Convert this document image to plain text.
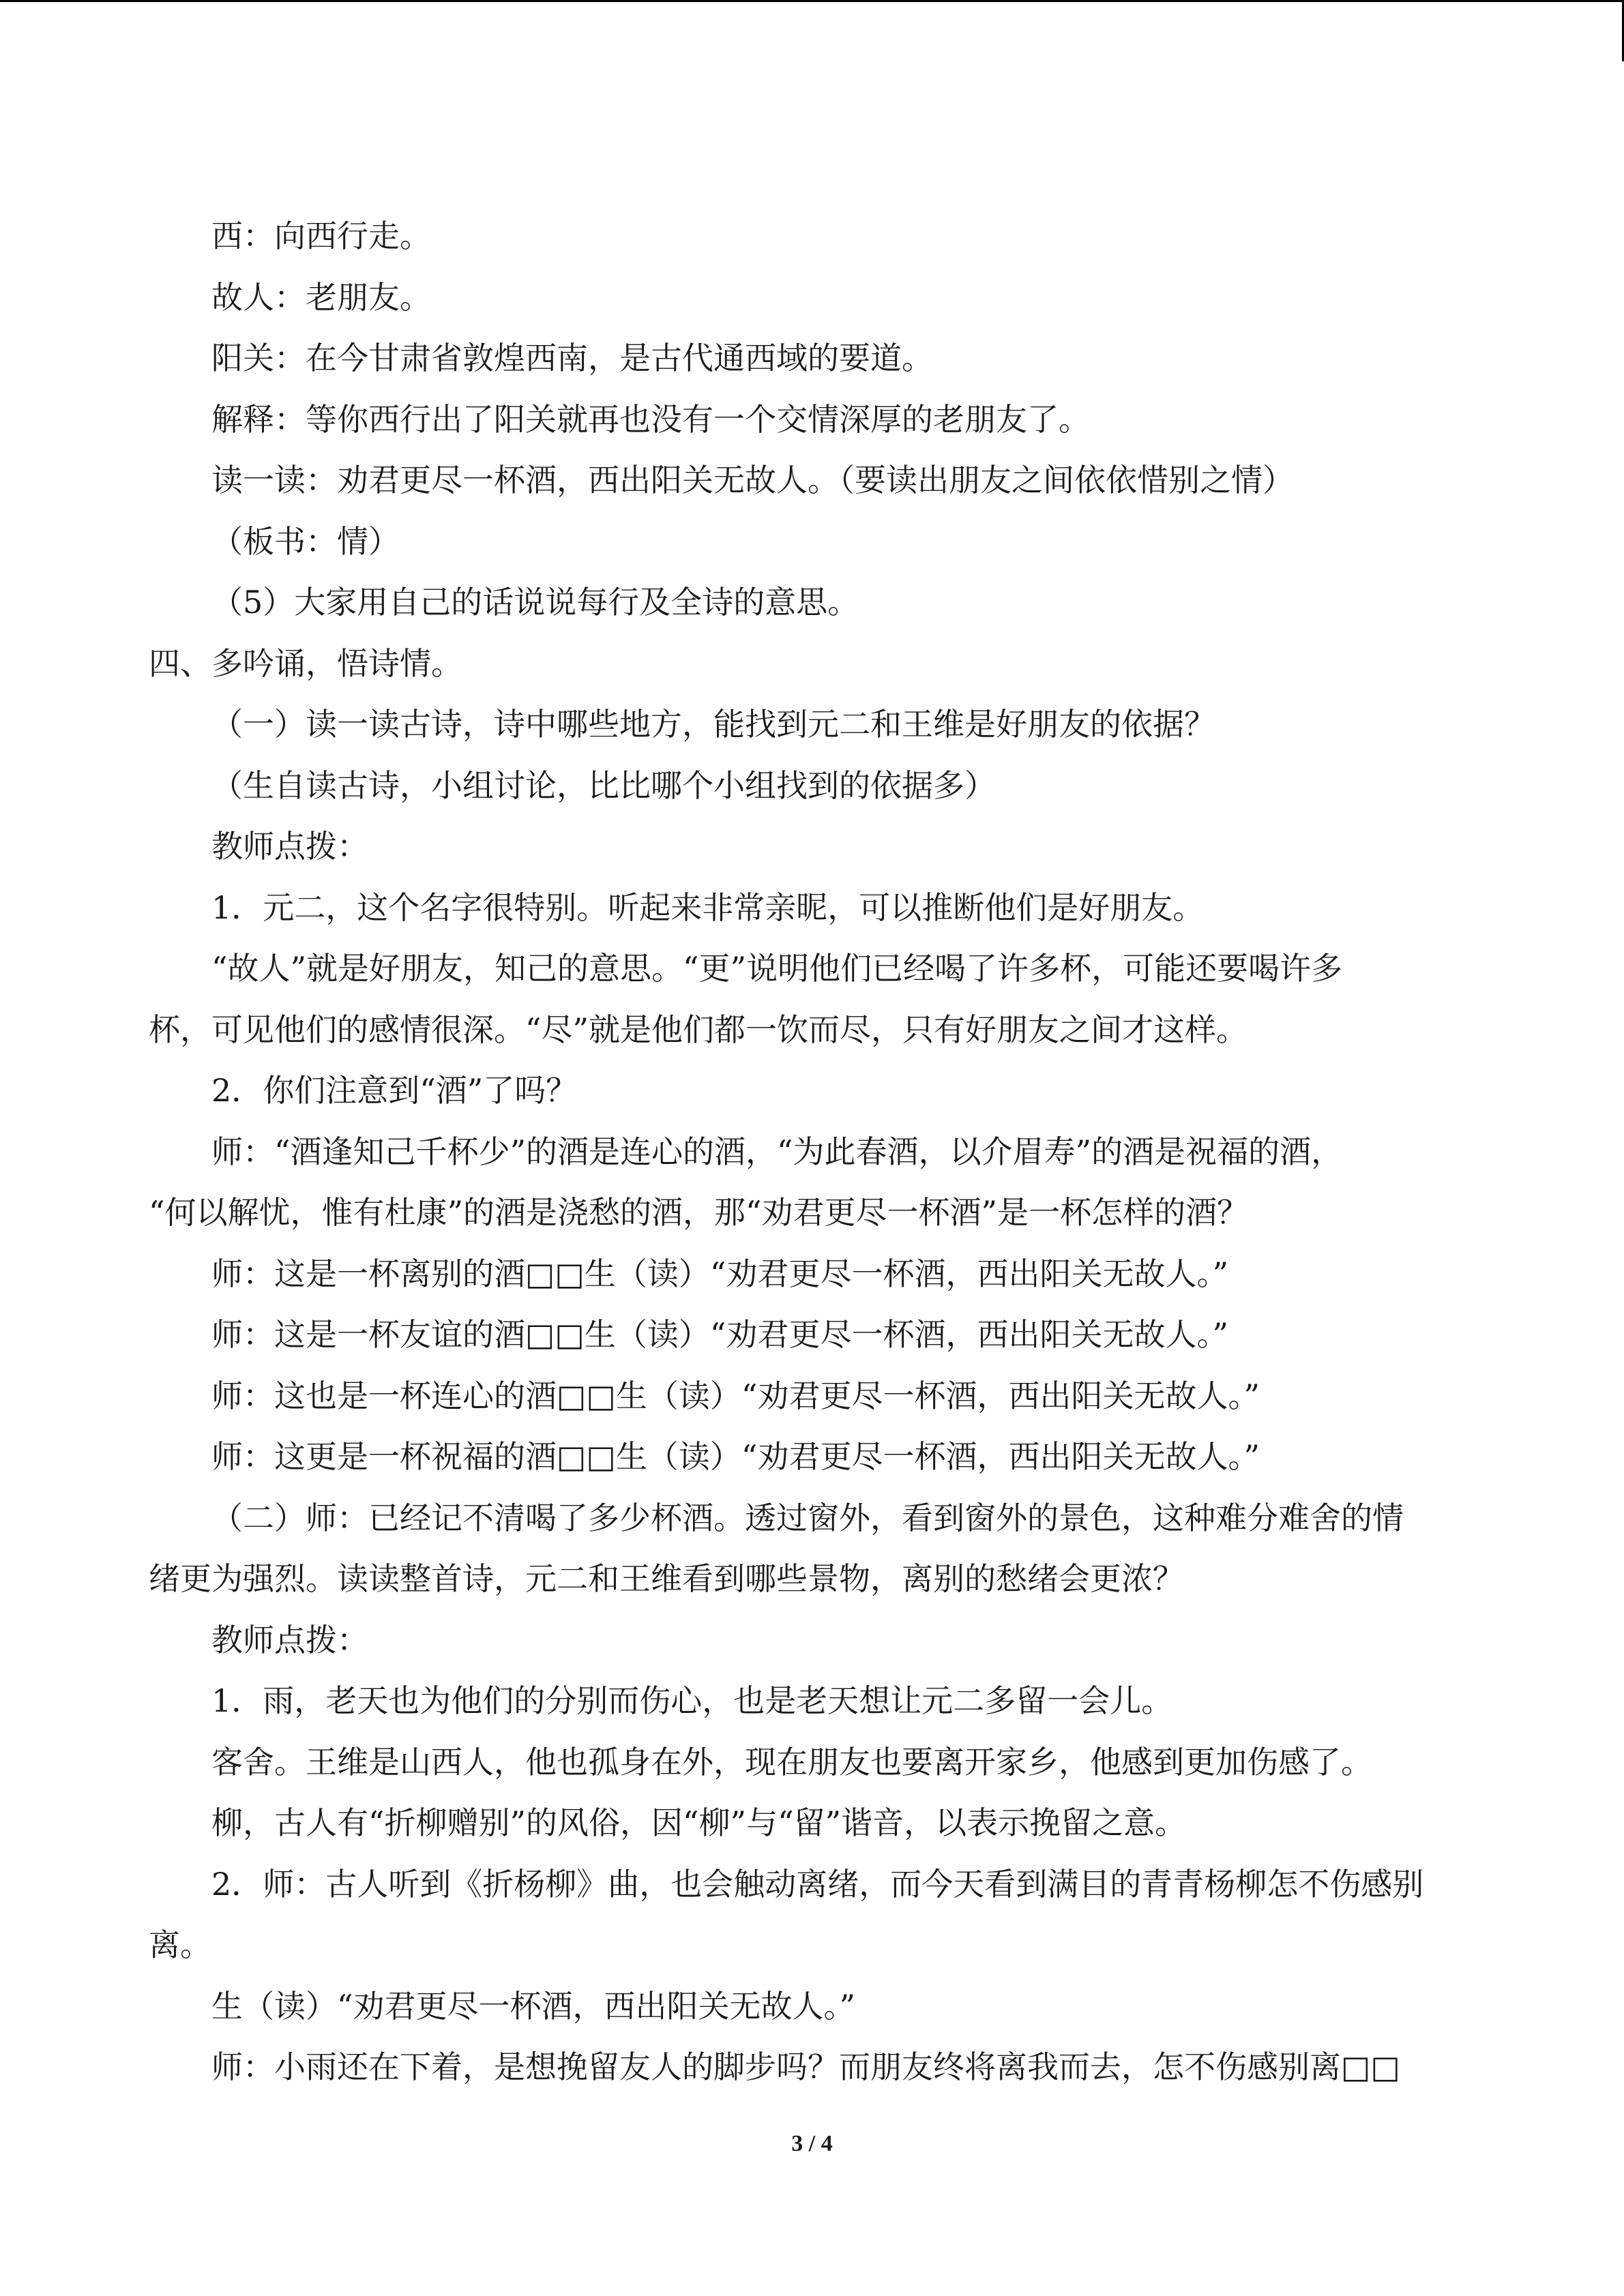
西：向西行走。
故人：老朋友。
阳关：在今甘肃省敦煌西南，是古代通西域的要道。
解释：等你西行出了阳关就再也没有一个交情深厚的老朋友了。
读一读：劝君更尽一杯酒，西出阳关无故人。（要读出朋友之间依依惜别之情）
（板书：情）
（5）大家用自己的话说说每行及全诗的意思。
四、多吟诵，悟诗情。
（一）读一读古诗，诗中哪些地方，能找到元二和王维是好朋友的依据？
（生自读古诗，小组讨论，比比哪个小组找到的依据多）
教师点拨：
1．元二，这个名字很特别。听起来非常亲昵，可以推断他们是好朋友。
“故人”就是好朋友，知己的意思。“更”说明他们已经喝了许多杯，可能还要喝许多
杯，可见他们的感情很深。“尽”就是他们都一饮而尽，只有好朋友之间才这样。
2．你们注意到“酒”了吗？
师：“酒逢知己千杯少”的酒是连心的酒，“为此春酒，以介眉寿”的酒是祝福的酒，
“何以解忧，惟有杜康”的酒是浇愁的酒，那“劝君更尽一杯酒”是一杯怎样的酒？
师：这是一杯离别的酒□□生（读）“劝君更尽一杯酒，西出阳关无故人。”
师：这是一杯友谊的酒□□生（读）“劝君更尽一杯酒，西出阳关无故人。”
师：这也是一杯连心的酒□□生（读）“劝君更尽一杯酒，西出阳关无故人。”
师：这更是一杯祝福的酒□□生（读）“劝君更尽一杯酒，西出阳关无故人。”
（二）师：已经记不清喝了多少杯酒。透过窗外，看到窗外的景色，这种难分难舍的情
绪更为强烈。读读整首诗，元二和王维看到哪些景物，离别的愁绪会更浓？
教师点拨：
1．雨，老天也为他们的分别而伤心，也是老天想让元二多留一会儿。
客舍。王维是山西人，他也孤身在外，现在朋友也要离开家乡，他感到更加伤感了。
柳，古人有“折柳赠别”的风俗，因“柳”与“留”谐音，以表示挽留之意。
2．师：古人听到《折杨柳》曲，也会触动离绪，而今天看到满目的青青杨柳怎不伤感别
离。
生（读）“劝君更尽一杯酒，西出阳关无故人。”
师：小雨还在下着，是想挽留友人的脚步吗？而朋友终将离我而去，怎不伤感别离□□
3 / 4
